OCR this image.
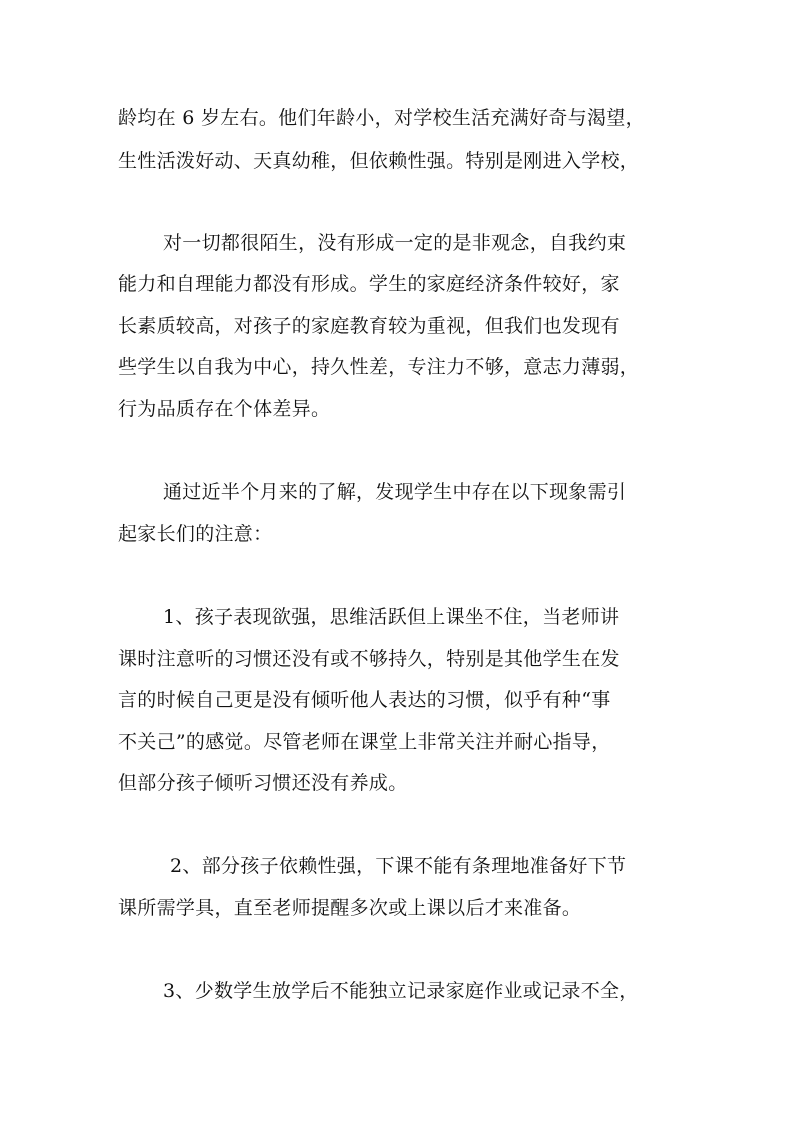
龄均在 6 岁左右。他们年龄小，对学校生活充满好奇与渴望，
生性活泼好动、天真幼稚，但依赖性强。特别是刚进入学校，
对一切都很陌生，没有形成一定的是非观念，自我约束
能力和自理能力都没有形成。学生的家庭经济条件较好，家
长素质较高，对孩子的家庭教育较为重视，但我们也发现有
些学生以自我为中心，持久性差，专注力不够，意志力薄弱，
行为品质存在个体差异。
通过近半个月来的了解，发现学生中存在以下现象需引
起家长们的注意：
1、孩子表现欲强，思维活跃但上课坐不住，当老师讲
课时注意听的习惯还没有或不够持久，特别是其他学生在发
言的时候自己更是没有倾听他人表达的习惯，似乎有种“事
不关己”的感觉。尽管老师在课堂上非常关注并耐心指导，
但部分孩子倾听习惯还没有养成。
2、部分孩子依赖性强，下课不能有条理地准备好下节
课所需学具，直至老师提醒多次或上课以后才来准备。
3、少数学生放学后不能独立记录家庭作业或记录不全，
